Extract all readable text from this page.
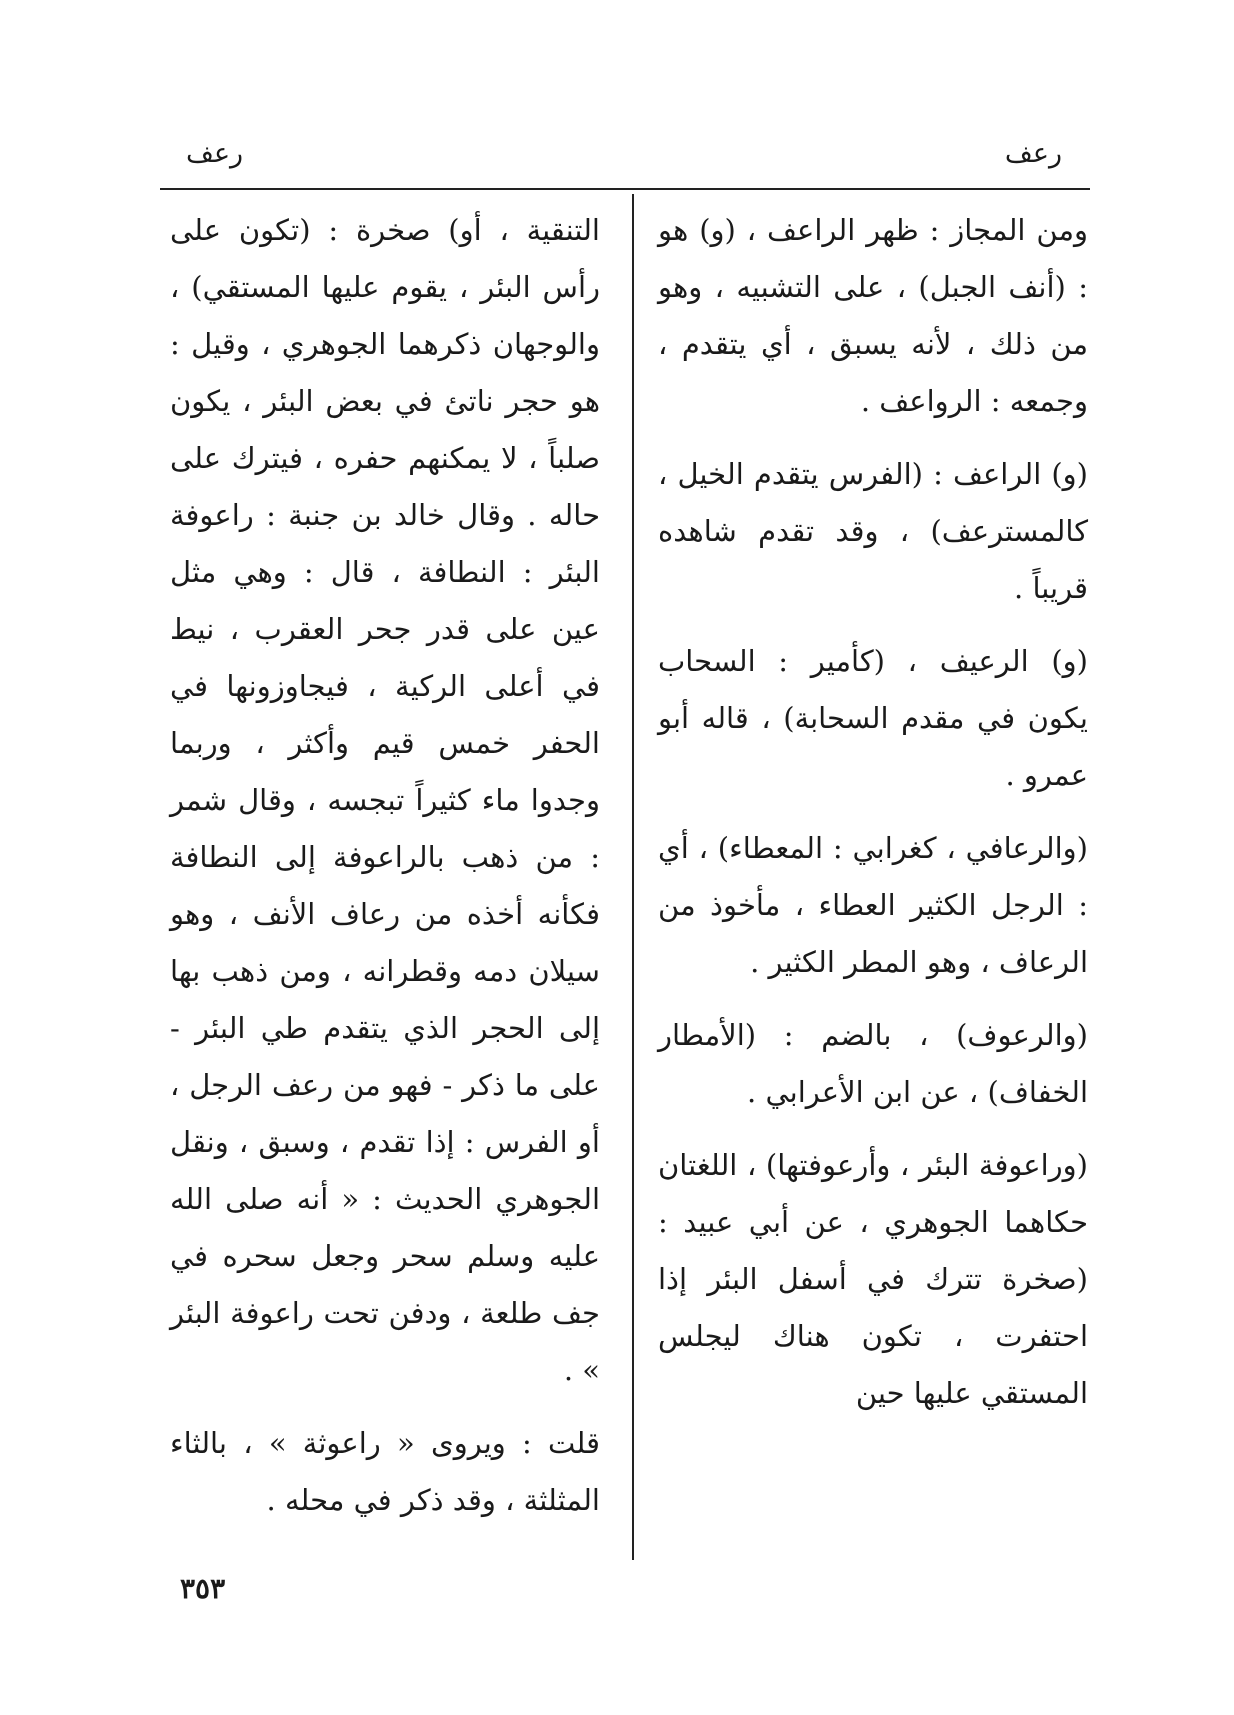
رعف
رعف

ومن المجاز : ظهر الراعف ، (و) هو : (أنف الجبل) ، على التشبيه ، وهو من ذلك ، لأنه يسبق ، أي يتقدم ، وجمعه : الرواعف .

(و) الراعف : (الفرس يتقدم الخيل ، كالمسترعف) ، وقد تقدم شاهده قريباً .

(و) الرعيف ، (كأمير : السحاب يكون في مقدم السحابة) ، قاله أبو عمرو .

(والرعافي ، كغرابي : المعطاء) ، أي : الرجل الكثير العطاء ، مأخوذ من الرعاف ، وهو المطر الكثير .

(والرعوف) ، بالضم : (الأمطار الخفاف) ، عن ابن الأعرابي .

(وراعوفة البئر ، وأرعوفتها) ، اللغتان حكاهما الجوهري ، عن أبي عبيد : (صخرة تترك في أسفل البئر إذا احتفرت ، تكون هناك ليجلس المستقي عليها حين

التنقية ، أو) صخرة : (تكون على رأس البئر ، يقوم عليها المستقي) ، والوجهان ذكرهما الجوهري ، وقيل : هو حجر ناتئ في بعض البئر ، يكون صلباً ، لا يمكنهم حفره ، فيترك على حاله . وقال خالد بن جنبة : راعوفة البئر : النطافة ، قال : وهي مثل عين على قدر جحر العقرب ، نيط في أعلى الركية ، فيجاوزونها في الحفر خمس قيم وأكثر ، وربما وجدوا ماء كثيراً تبجسه ، وقال شمر : من ذهب بالراعوفة إلى النطافة فكأنه أخذه من رعاف الأنف ، وهو سيلان دمه وقطرانه ، ومن ذهب بها إلى الحجر الذي يتقدم طي البئر - على ما ذكر - فهو من رعف الرجل ، أو الفرس : إذا تقدم ، وسبق ، ونقل الجوهري الحديث : « أنه صلى الله عليه وسلم سحر وجعل سحره في جف طلعة ، ودفن تحت راعوفة البئر » .

قلت : ويروى « راعوثة » ، بالثاء المثلثة ، وقد ذكر في محله .

٣٥٣
